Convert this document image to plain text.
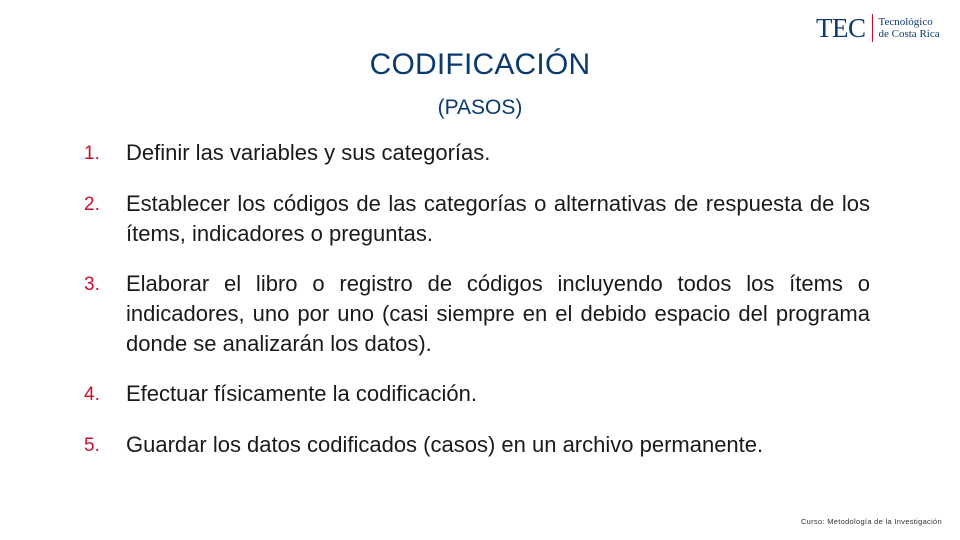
TEC Tecnológico
de Costa Rica
CODIFICACIÓN
(PASOS)
1.	Definir las variables y sus categorías.
2.	Establecer los códigos de las categorías o alternativas de respuesta de los ítems, indicadores o preguntas.
3.	Elaborar el libro o registro de códigos incluyendo todos los ítems o indicadores, uno por uno (casi siempre en el debido espacio del programa donde se analizarán los datos).
4.	Efectuar físicamente la codificación.
5.	Guardar los datos codificados (casos) en un archivo permanente.
Curso: Metodología de la Investigación
